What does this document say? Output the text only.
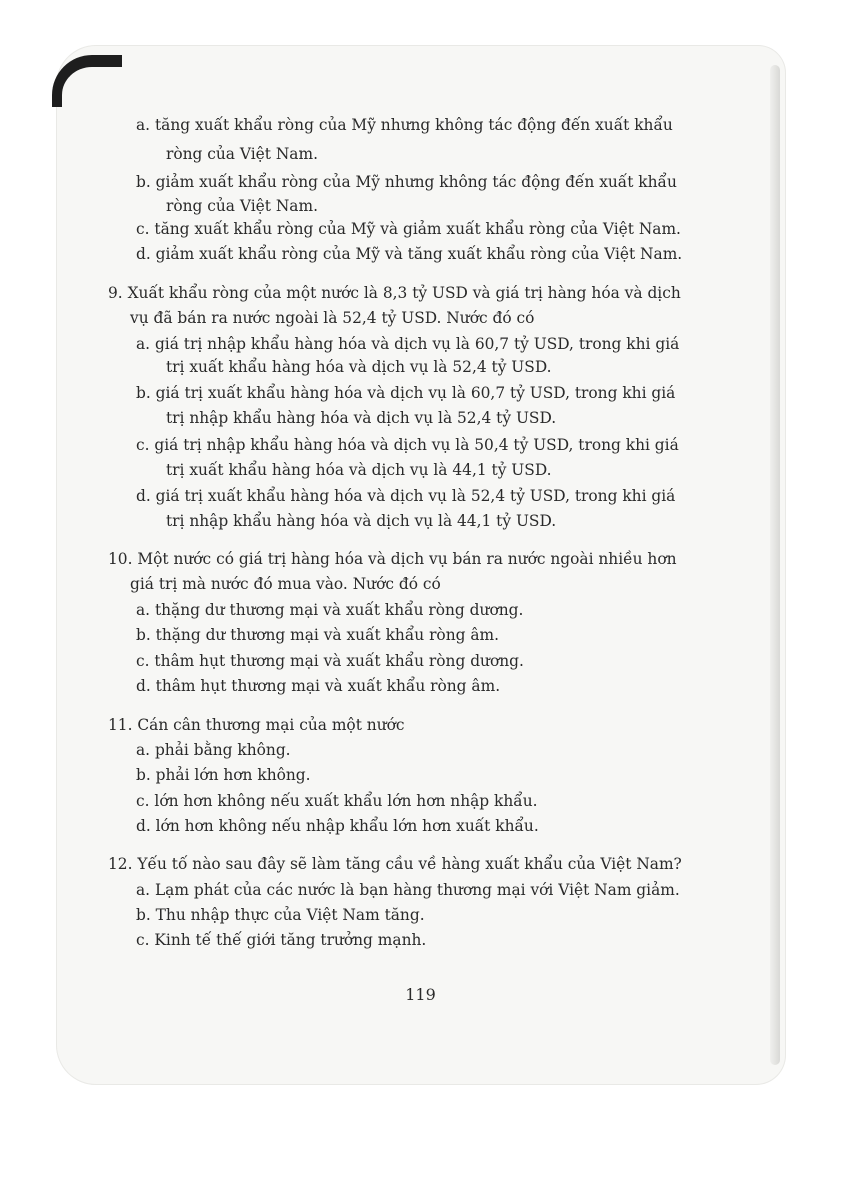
a. tăng xuất khẩu ròng của Mỹ nhưng không tác động đến xuất khẩu
ròng của Việt Nam.
b. giảm xuất khẩu ròng của Mỹ nhưng không tác động đến xuất khẩu
ròng của Việt Nam.
c. tăng xuất khẩu ròng của Mỹ và giảm xuất khẩu ròng của Việt Nam.
d. giảm xuất khẩu ròng của Mỹ và tăng xuất khẩu ròng của Việt Nam.
9. Xuất khẩu ròng của một nước là 8,3 tỷ USD và giá trị hàng hóa và dịch
vụ đã bán ra nước ngoài là 52,4 tỷ USD. Nước đó có
a. giá trị nhập khẩu hàng hóa và dịch vụ là 60,7 tỷ USD, trong khi giá
trị xuất khẩu hàng hóa và dịch vụ là 52,4 tỷ USD.
b. giá trị xuất khẩu hàng hóa và dịch vụ là 60,7 tỷ USD, trong khi giá
trị nhập khẩu hàng hóa và dịch vụ là 52,4 tỷ USD.
c. giá trị nhập khẩu hàng hóa và dịch vụ là 50,4 tỷ USD, trong khi giá
trị xuất khẩu hàng hóa và dịch vụ là 44,1 tỷ USD.
d. giá trị xuất khẩu hàng hóa và dịch vụ là 52,4 tỷ USD, trong khi giá
trị nhập khẩu hàng hóa và dịch vụ là 44,1 tỷ USD.
10. Một nước có giá trị hàng hóa và dịch vụ bán ra nước ngoài nhiều hơn
giá trị mà nước đó mua vào. Nước đó có
a. thặng dư thương mại và xuất khẩu ròng dương.
b. thặng dư thương mại và xuất khẩu ròng âm.
c. thâm hụt thương mại và xuất khẩu ròng dương.
d. thâm hụt thương mại và xuất khẩu ròng âm.
11. Cán cân thương mại của một nước
a. phải bằng không.
b. phải lớn hơn không.
c. lớn hơn không nếu xuất khẩu lớn hơn nhập khẩu.
d. lớn hơn không nếu nhập khẩu lớn hơn xuất khẩu.
12. Yếu tố nào sau đây sẽ làm tăng cầu về hàng xuất khẩu của Việt Nam?
a. Lạm phát của các nước là bạn hàng thương mại với Việt Nam giảm.
b. Thu nhập thực của Việt Nam tăng.
c. Kinh tế thế giới tăng trưởng mạnh.
119
